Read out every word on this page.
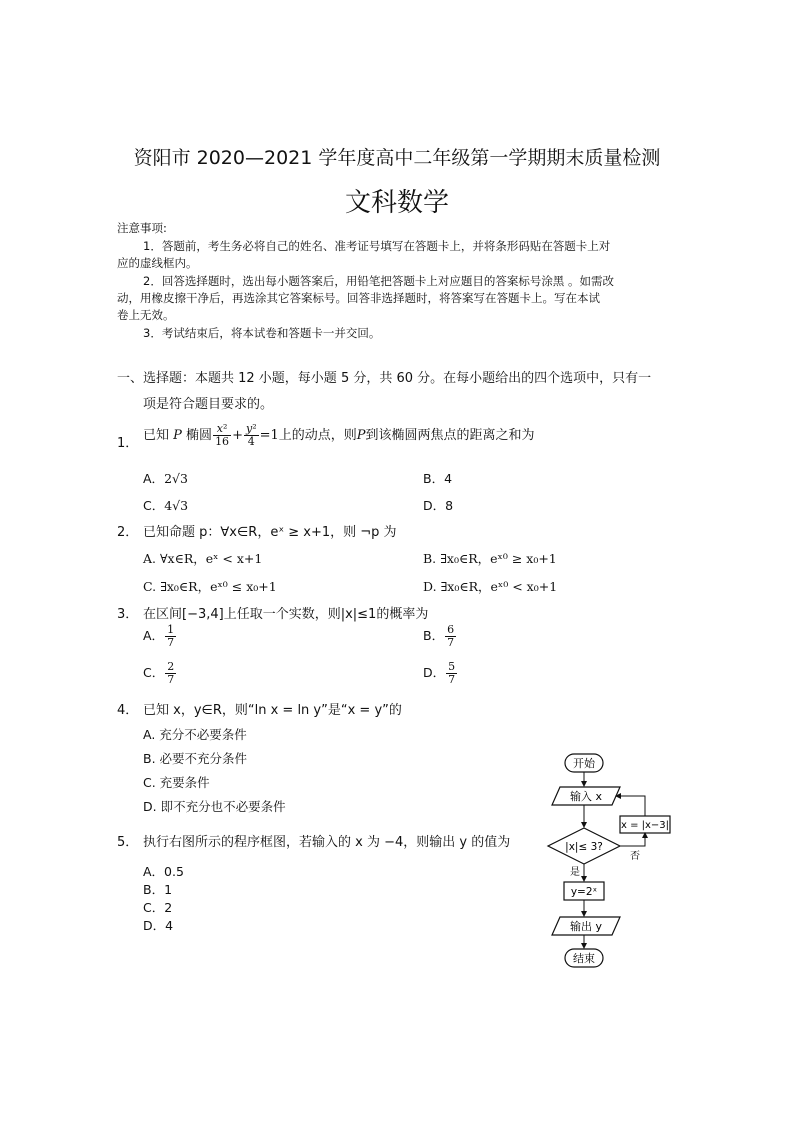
资阳市 2020—2021 学年度高中二年级第一学期期末质量检测
文科数学
注意事项:
1．答题前，考生务必将自己的姓名、准考证号填写在答题卡上，并将条形码贴在答题卡上对
应的虚线框内。
2．回答选择题时，选出每小题答案后，用铅笔把答题卡上对应题目的答案标号涂黑 。如需改
动，用橡皮擦干净后，再选涂其它答案标号。回答非选择题时，将答案写在答题卡上。写在本试
卷上无效。
3．考试结束后，将本试卷和答题卡一并交回。
一、选择题：本题共 12 小题，每小题 5 分，共 60 分。在每小题给出的四个选项中，只有一
项是符合题目要求的。
1．
已知 P 椭圆 $\frac{\text{x²}}{16} + \frac{\text{y²}}{4} =1$上的动点，则P到该椭圆两焦点的距离之和为
A．2√3	B．4
C．4√3	D．8
2． 已知命题 p：∀x∈R，eˣ ≥ x+1，则 ¬p 为
A. ∀x∈R，eˣ < x+1	B. ∃x₀∈R，eˣ⁰ ≥ x₀+1
C. ∃x₀∈R，eˣ⁰ ≤ x₀+1	D. ∃x₀∈R，eˣ⁰ < x₀+1
3． 在区间[−3,4]上任取一个实数，则|x|≤1的概率为
A． $\frac{1}{7}$	B． $\frac{6}{7}$
C． $\frac{2}{7}$	D． $\frac{5}{7}$
4． 已知 x，y∈R，则“ln x = ln y”是“x = y”的
A. 充分不必要条件
B. 必要不充分条件
C. 充要条件
D. 即不充分也不必要条件
5． 执行右图所示的程序框图，若输入的 x 为 −4，则输出 y 的值为
A．0.5
B．1
C．2
D．4
开始
输入 x
|x|≤ 3?
x = |x−3|
否
是
y=2ˣ
输出 y
结束
